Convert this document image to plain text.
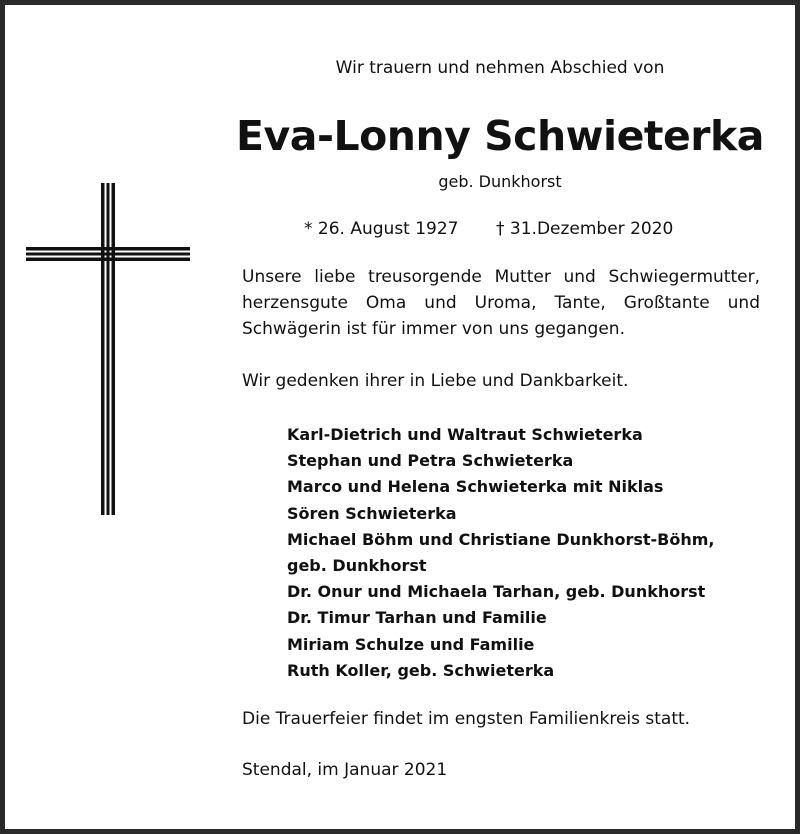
Wir trauern und nehmen Abschied von
Eva-Lonny Schwieterka
geb. Dunkhorst
* 26. August 1927 † 31.Dezember 2020
Unsere liebe treusorgende Mutter und Schwiegermutter,
herzensgute Oma und Uroma, Tante, Großtante und
Schwägerin ist für immer von uns gegangen.
Wir gedenken ihrer in Liebe und Dankbarkeit.
Karl-Dietrich und Waltraut Schwieterka
Stephan und Petra Schwieterka
Marco und Helena Schwieterka mit Niklas
Sören Schwieterka
Michael Böhm und Christiane Dunkhorst-Böhm,
geb. Dunkhorst
Dr. Onur und Michaela Tarhan, geb. Dunkhorst
Dr. Timur Tarhan und Familie
Miriam Schulze und Familie
Ruth Koller, geb. Schwieterka
Die Trauerfeier findet im engsten Familienkreis statt.
Stendal, im Januar 2021
